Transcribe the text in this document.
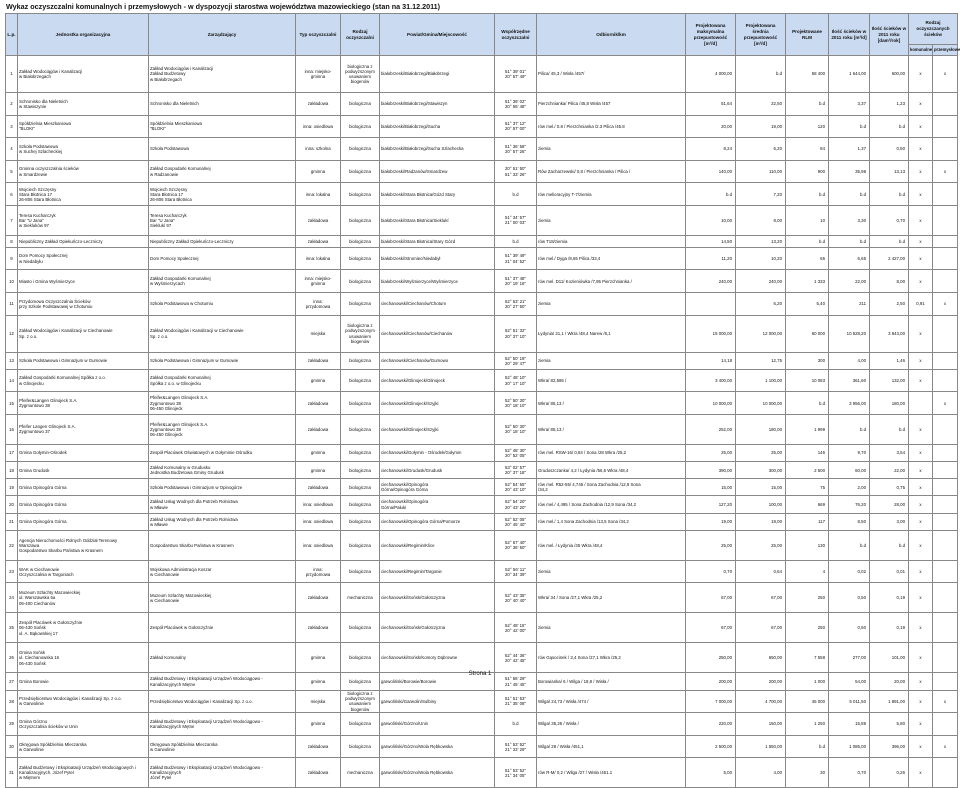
Wykaz oczyszczalni komunalnych i przemysłowych - w dyspozycji starostwa województwa mazowieckiego (stan na 31.12.2011)
L.p.	Jednostka organizacyjna	Zarządzający	Typ oczyszczalni	Rodzaj oczyszczalni	Powiat/Gmina/Miejscowość	Współrzędne oczyszczalni	Odbiornik/km	Projektowana maksymalna przepustowość [m³/d]	Projektowana średnia przepustowość [m³/d]	Projektowane RLM	Ilość ścieków w 2011 roku [m³/d]	Ilość ścieków w 2011 roku [dam³/rok]	Rodzaj oczyszczanych ścieków	
													komunalne	przemysłowe
1	Zakład Wodociągów i Kanalizacji
w Białobrzegach	Zakład Wodociągów i Kanalizacji
Zakład Budżetowy
w Białobrzegach	inna: miejsko-
gminna	biologiczna z
podwyższonym
usuwaniem
biogenów	białobrzeski/Białobrzegi/Białobrzegi	51° 39' 01"
20° 57' 49"	Pilica/ 45,3 / Wisła /457/	4 000,00	b.d	58 400	1 644,00	600,00	x	x
2	Schronisko dla Nieletnich
w Stawiszynie	Schronisko dla Nieletnich	zakładowa	biologiczna	białobrzeski/Białobrzegi/Stawiszyn	51° 39' 02"
20° 55' 48"	Pierzchnianka/ Pilica /45,8 Wisła /457	51,64	22,50	b.d	3,37	1,23	x	
3	Spółdzielnia Mieszkaniowa
"BLOKI"	Spółdzielnia Mieszkaniowa
"BLOKI"	inna: osiedlowa	biologiczna	białobrzeski/Białobrzegi/Sucha	51° 37' 12"
20° 57' 00"	rów mel./ 0.8 / Pierzchnianka /2.3 Pilica /45.8	20,00	19,00	120	b.d	b.d	x	
4	Szkoła Podstawowa
w Suchej Szlacheckiej	Szkoła Podstawowa	inna: szkolna	biologiczna	białobrzeski/Białobrzegi/Sucha Szlachecka	51° 36' 58"
20° 57' 26"	ziemia	8,24	6,20	84	1,37	0,50	x	
5	Gminna oczyszczalnia ścieków
w Smardzewie	Zakład Gospodarki Komunalnej
w Radzanowie	gminna	biologiczna	białobrzeski/Radzanów/Smardzew	20° 51' 50"
51° 33' 26"	Rów Zacharzewski/ 0,8 / Pierzchnianka / Pilica /	140,00	110,00	900	35,98	13,13	x	x
6	Wojciech Szczęsny
Stara Błotnica 17
26-806 Stara Błotnica	Wojciech Szczęsny
Stara Błotnica 17
26-806 Stara Błotnica	inna: lokalna	biologiczna	białobrzeski/Stara Błotnica/Gózd Stary	b.d	rów melioracyjny T-7/ziemia	b.d	7,20	b.d	b.d	b.d	x	
7	Teresa Kucharczyk
Bar "U Jana"
w Siekluków 97	Teresa Kucharczyk
Bar "U Jana"
Sieklukí 97	zakładowa	biologiczna	białobrzeski/Stara Błotnica/Sieklukí	51° 34' 57"
21° 00' 03"	ziemia	10,00	8,00	10	3,30	0,70	x	
8	Niepubliczny Zakład Opiekuńczo-Leczniczy	Niepubliczny Zakład Opiekuńczo-Leczniczy	zakładowa	biologiczna	białobrzeski/Stara Błotnica/Stary Gózd	b.d	rów T18/ziemia	14,50	13,20	b.d	b.d	b.d	x	
9	Dom Pomocy Społecznej
w Niedabyłu	Dom Pomocy Społecznej	inna: lokalna	biologiczna	białobrzeski/Stromiec/Niedabył	51° 39' 49"
21° 04' 52"	rów mel./ Dyga /8,65 Pilica /33,4	11,20	10,20	65	6,65	2 427,00	x	
10	Miasto i Gmina Wyśmierzyce	Zakład Gospodarki Komunalnej
w Wyśmierzycach	inna: miejsko-
gminna	biologiczna	białobrzeski/Wyśmierzyce/Wyśmierzyce	51° 37' 48"
20° 19' 16"	rów mel. D11/ Kozieniówka /7,95 Pierzchnianka /	240,00	240,00	1 333	22,00	8,00	x	
11	Przydomowa Oczyszczalnia Ścieków
przy Szkole Podstawowej w Chotumiu	Szkoła Podstawowa w Chotumiu	inna:
przydomowa	biologiczna	ciechanowski/Ciechanów/Chotum	52° 53' 21"
20° 27' 50"	ziemia		6,20	5,40	211	2,50	0,91	x
12	Zakład Wodociągów i Kanalizacji w Ciechanowie
Sp. z o.o.	Zakład Wodociągów i Kanalizacji w Ciechanowie
Sp. z o.o.	miejska	biologiczna z
podwyższonym
usuwaniem
biogenów	ciechanowski/Ciechanów/Ciechanów	52° 51' 32"
20° 37' 10"	Łydynia/ 21,1 / Wkra /48,4 Narew /6,1	15 000,00	12 000,00	60 000	10 528,20	3 843,00	x	
13	Szkoła Podstawowa i Gimnazjum w Gumowie	Szkoła Podstawowa i Gimnazjum w Gumowie	zakładowa	biologiczna	ciechanowski/Ciechanów/Gumowo	52° 50' 19"
20° 29' 47"	ziemia	14,18	12,75	300	4,00	1,46	x	
14	Zakład Gospodarki Komunalnej Spółka z o.o.
w Glinojecku	Zakład Gospodarki Komunalnej
Spółka z o.o. w Glinojecku	gminna	biologiczna	ciechanowski/Glinojeck/Glinojeck	52° 48' 10"
20° 17' 10"	Wkra/ 82,595 /	3 400,00	1 100,00	10 083	361,60	132,00	x	
15	Pfeifer&Langen Glinojeck S.A.
Zygmuntowo 38	Pfeifer&Langen Glinojeck S.A.
Zygmuntowo 38
06-450 Glinojeck	zakładowa	biologiczna	ciechanowski/Glinojeck/Szyjki	52° 50' 30"
20° 18' 10"	Wkra/ 85,13 /	10 000,00	10 000,00	b.d	3 956,00	180,00		x
16	Pfeifer Langen Glinojeck S.A.
Zygmuntowo 37	Pfeifer&Langen Glinojeck S.A.
Zygmuntowo 38
06-450 Glinojeck	zakładowa	biologiczna	ciechanowski/Glinojeck/Szyjki	52° 50' 30"
20° 18' 10"	Wkra/ 85,13 /	252,00	180,00	1 999	b.d	b.d	x	
17	Gmina Gołymin-Ośrodek	Zespół Placówek Oświatowych w Gołyminie Ośrodku	gminna	biologiczna	ciechanowski/Gołymin - Ośrodek/Gołymin	52° 48' 30"
20° 52' 05"	rów mel. RSW-16/ 0,84 / Sona /28 Wkra /25,2	25,00	25,00	146	9,70	3,54	x	
18	Gmina Grudusk	Zakład Komunalny w Grudusku
Jednostka Budżetowa Gminy Grudusk	gminna	biologiczna	ciechanowski/Grudusk/Grudusk	53° 02' 57"
20° 37' 18"	Gruduszczanka/ 4,2 / Łydynia /56,5 Wkra /48,4	390,00	300,00	2 500	60,00	22,00	x	
19	Gmina Opinogóra Górna	Szkoła Podstawowa i Gimnazjum w Opinogórze	zakładowa	biologiczna	ciechanowski/Opinogóra
Górna/Opinogóra Górna	52° 54' 55"
20° 43' 10"	rów mel. R52-55/ 4,745 / Sona Zachodnia /12,9 Sona
/34,2	15,00	15,00	75	2,00	0,75	x	
20	Gmina Opinogóra Górna	Zakład Usług Wodnych dla Potrzeb Rolnictwa
w Mławie	inna: osiedlowa	biologiczna	ciechanowski/Opinogóra
Górna/Pałuki	52° 54' 20"
20° 43' 20"	rów mel./ 4,495 / Sona Zachodnia /12,9 Sona /34,2	127,20	100,00	669	76,20	28,00	x	
21	Gmina Opinogóra Górna	Zakład Usług Wodnych dla Potrzeb Rolnictwa
w Mławie	inna: osiedlowa	biologiczna	ciechanowski/Opinogóra Górna/Pomorze	52° 52' 05"
20° 45' 40"	rów mel./ 1,4 Sona Zachodnia /13,5 Sona /34,2	19,00	19,00	117	8,50	3,00	x	
22	Agencja Nieruchomości Rolnych Oddział Terenowy
Warszawa
Gospodarstwo Skarbu Państwa w Krasnem	Gospodarstwo Skarbu Państwa w Krasnem	inna: osiedlowa	biologiczna	ciechanowski/Regimin/Klice	52° 57' 40"
20° 36' 50"	rów mel. / Łydynia /45 Wkra /48,4	25,00	25,00	130	b.d	b.d	x	
23	WAK w Ciechanowie
Oczyszczalnia w Targoniach	Wojskowa Administracja Koszar
w Ciechanowie	inna:
przydomowa	biologiczna	ciechanowski/Regimin/Targonie	52° 56' 11"
20° 34' 39"	ziemia	0,70	0,64	4	0,02	0,01	x	
24	Muzeum Szlachty Mazowieckiej
ul. Warszawska 6a
06-400 Ciechanów	Muzeum Szlachty Mazowieckiej
w Ciechanowie	zakładowa	mechaniczna	ciechanowski/Sońsk/Gołotczyzna	52° 43' 35"
20° 40' 40"	Wkra/ 34 / Sona /27,1 Wkra /25,2	67,00	67,00	250	0,50	0,19	x	
25	Zespół Placówek w Gołotczyźnie
06-430 Sońsk
ul. A. Bąkowskiej 17	Zespół Placówek w Gołotczyźnie	zakładowa	biologiczna	ciechanowski/Sońsk/Gołotczyzna	52° 48' 15"
20° 42' 00"	ziemia	67,00	67,00	250	0,50	0,19	x	
26	Gmina Sońsk
ul. Ciechanowska 16
06-430 Sońsk	Zakład Komunalny	gminna	biologiczna	ciechanowski/Sońsk/Komory Dąbrowne	52° 44' 36"
20° 42' 45"	rów Gąsocinek / 3,4 Sona /27,1 Wkra /25,2	250,00	650,00	7 558	277,00	101,00	x	
27	Gmina Borowie	Zakład Budżetowy i Eksploatacji Urządzeń Wodociągowo -
Kanalizacyjnych Miętne	gminna	biologiczna	garwoliński/Borowie/Borowie	51° 56' 29"
21° 45' 45"	Borowianka/ 6 / Wilga / 18,8 / Wisła /	200,00	200,00	1 000	54,00	20,00	x	
28	Przedsiębiorstwo Wodociągów i Kanalizacji Sp. z o.o.
w Garwolinie	Przedsiębiorstwo Wodociągów i Kanalizacji Sp. z o.o.	miejska	biologiczna z
podwyższonym
usuwaniem
biogenów	garwoliński/Garwolin/Sulbiny	51° 51' 53"
21° 35' 08"	Wilga/ 24,73 / Wisła /474 /	7 000,00	4 700,00	45 000	5 011,50	1 891,00	x	x
29	Gmina Górzno
Oczyszczalnia ścieków w Unin	Zakład Budżetowy i Eksploatacji Urządzeń Wodociągowo -
Kanalizacyjnych Mętne	gminna	biologiczna	garwoliński/Górzno/Unin	b.d	Wilga/ 35,25 / Wisła /	220,00	150,00	1 250	15,89	5,80	x	
30	Okręgowa Spółdzielnia Mleczarska
w Garwolinie	Okręgowa Spółdzielnia Mleczarska
w Garwolinie	zakładowa	biologiczna	garwoliński/Górzno/Wola Rębkowska	51° 53' 52"
21° 33' 29"	Wilga/ 28 / Wisła /451,1	2 500,00	1 550,00	b.d	1 085,00	396,00	x	x
31	Zakład Budżetowy i Eksploatacji Urządzeń Wodociągowych i
Kanalizacyjnych. Józef Pytel
w Miętnem	Zakład Budżetowy i Eksploatacji Urządzeń Wodociągowo -
Kanalizacyjnych
Józef Pytel	zakładowa	mechaniczna	garwoliński/Górzno/Wola Rębkowska	51° 53' 52"
21° 34' 05"	rów R-M/ 0,2 / Wilga /27 / Wisła /451.1	5,00	4,00	30	0,70	0,26	x	
Strona 1
